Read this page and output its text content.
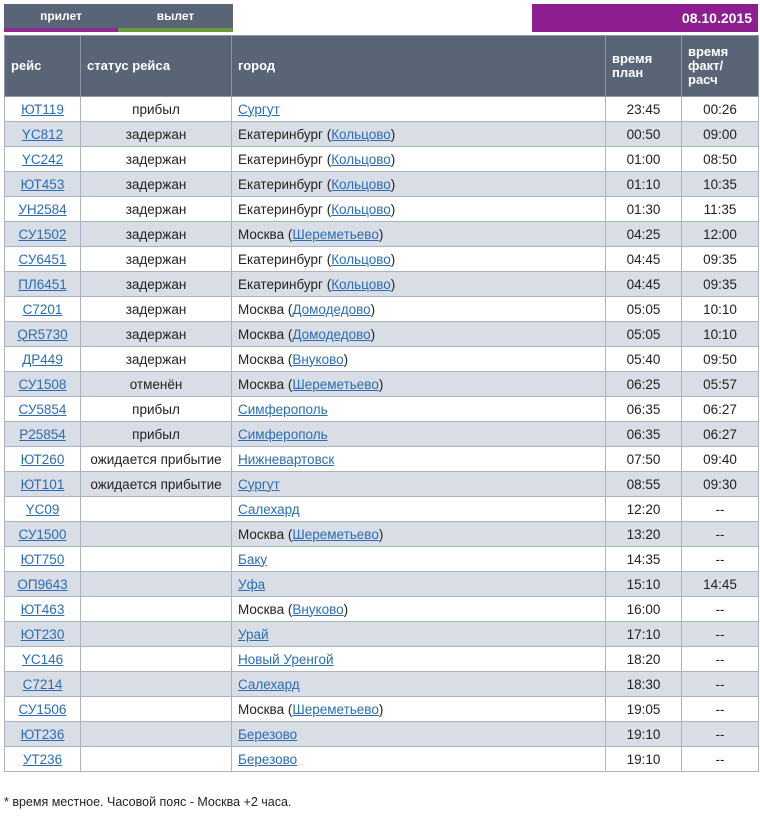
прилет	вылет	08.10.2015
рейс	статус рейса	город	время план	время факт/ расч
ЮТ119	прибыл	Сургут	23:45	00:26
YC812	задержан	Екатеринбург (Кольцово)	00:50	09:00
YC242	задержан	Екатеринбург (Кольцово)	01:00	08:50
ЮТ453	задержан	Екатеринбург (Кольцово)	01:10	10:35
УН2584	задержан	Екатеринбург (Кольцово)	01:30	11:35
СУ1502	задержан	Москва (Шереметьево)	04:25	12:00
СУ6451	задержан	Екатеринбург (Кольцово)	04:45	09:35
ПЛ6451	задержан	Екатеринбург (Кольцово)	04:45	09:35
С7201	задержан	Москва (Домодедово)	05:05	10:10
QR5730	задержан	Москва (Домодедово)	05:05	10:10
ДР449	задержан	Москва (Внуково)	05:40	09:50
СУ1508	отменён	Москва (Шереметьево)	06:25	05:57
СУ5854	прибыл	Симферополь	06:35	06:27
Р25854	прибыл	Симферополь	06:35	06:27
ЮТ260	ожидается прибытие	Нижневартовск	07:50	09:40
ЮТ101	ожидается прибытие	Сургут	08:55	09:30
YC09		Салехард	12:20	--
СУ1500		Москва (Шереметьево)	13:20	--
ЮТ750		Баку	14:35	--
ОП9643		Уфа	15:10	14:45
ЮТ463		Москва (Внуково)	16:00	--
ЮТ230		Урай	17:10	--
YC146		Новый Уренгой	18:20	--
С7214		Салехард	18:30	--
СУ1506		Москва (Шереметьево)	19:05	--
ЮТ236		Березово	19:10	--
УТ236		Березово	19:10	--
* время местное. Часовой пояс - Москва +2 часа.
